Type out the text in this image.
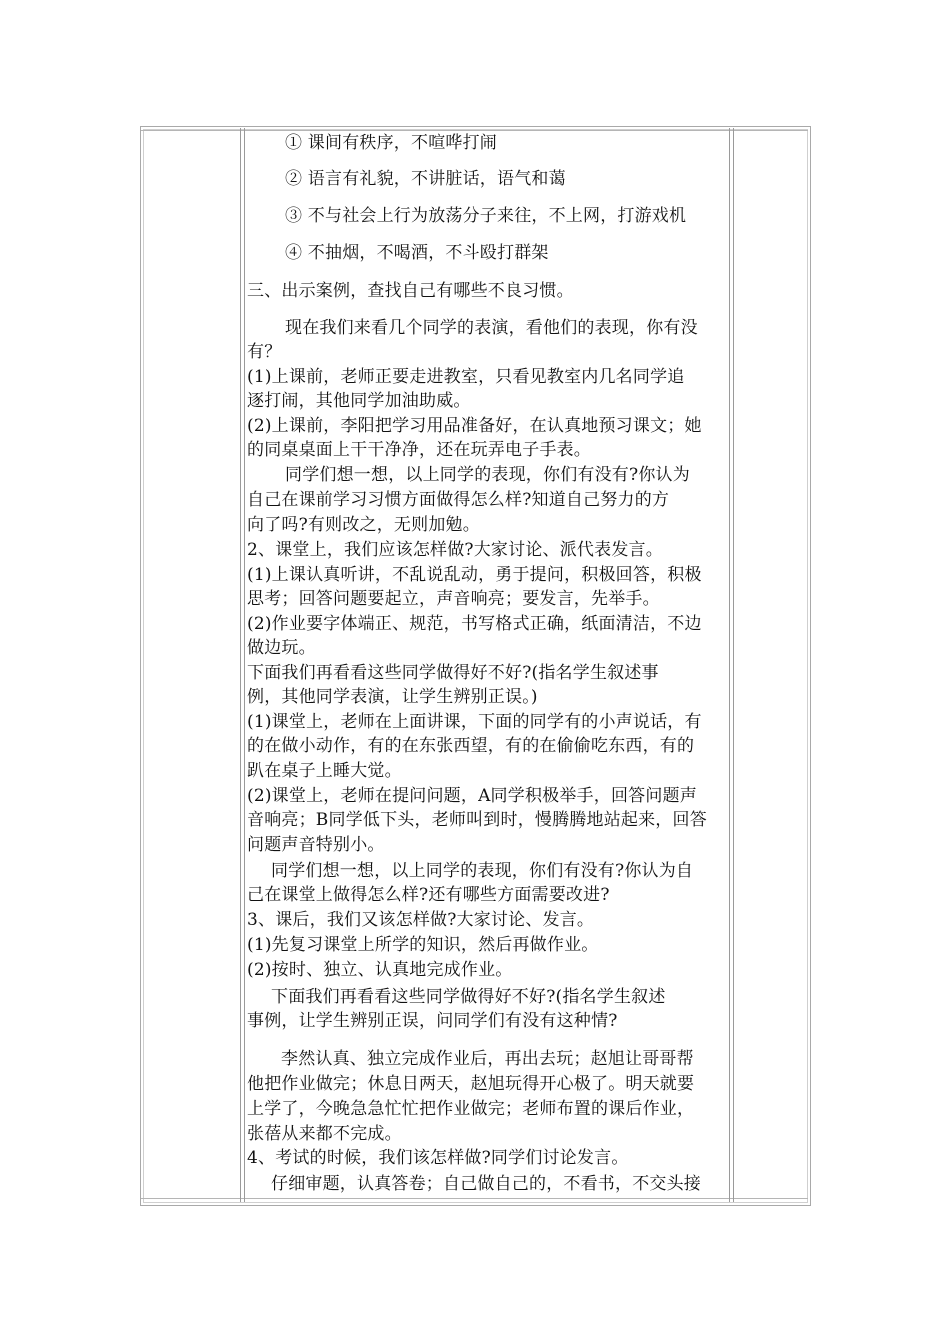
① 课间有秩序，不喧哗打闹
② 语言有礼貌，不讲脏话，语气和蔼
③ 不与社会上行为放荡分子来往，不上网，打游戏机
④ 不抽烟，不喝酒，不斗殴打群架
三、出示案例，查找自己有哪些不良习惯。
现在我们来看几个同学的表演，看他们的表现，你有没
有？
(1)上课前，老师正要走进教室，只看见教室内几名同学追
逐打闹，其他同学加油助威。
(2)上课前，李阳把学习用品准备好，在认真地预习课文；她
的同桌桌面上干干净净，还在玩弄电子手表。
同学们想一想，以上同学的表现，你们有没有?你认为
自己在课前学习习惯方面做得怎么样?知道自己努力的方
向了吗?有则改之，无则加勉。
2、课堂上，我们应该怎样做?大家讨论、派代表发言。
(1)上课认真听讲，不乱说乱动，勇于提问，积极回答，积极
思考；回答问题要起立，声音响亮；要发言，先举手。
(2)作业要字体端正、规范，书写格式正确，纸面清洁，不边
做边玩。
下面我们再看看这些同学做得好不好?(指名学生叙述事
例，其他同学表演，让学生辨别正误。)
(1)课堂上，老师在上面讲课，下面的同学有的小声说话，有
的在做小动作，有的在东张西望，有的在偷偷吃东西，有的
趴在桌子上睡大觉。
(2)课堂上，老师在提问问题，A同学积极举手，回答问题声
音响亮；B同学低下头，老师叫到时，慢腾腾地站起来，回答
问题声音特别小。
同学们想一想，以上同学的表现，你们有没有?你认为自
己在课堂上做得怎么样?还有哪些方面需要改进?
3、课后，我们又该怎样做?大家讨论、发言。
(1)先复习课堂上所学的知识，然后再做作业。
(2)按时、独立、认真地完成作业。
下面我们再看看这些同学做得好不好?(指名学生叙述
事例，让学生辨别正误，问同学们有没有这种情?
李然认真、独立完成作业后，再出去玩；赵旭让哥哥帮
他把作业做完；休息日两天，赵旭玩得开心极了。明天就要
上学了，今晚急急忙忙把作业做完；老师布置的课后作业，
张蓓从来都不完成。
4、考试的时候，我们该怎样做?同学们讨论发言。
仔细审题，认真答卷；自己做自己的，不看书，不交头接
